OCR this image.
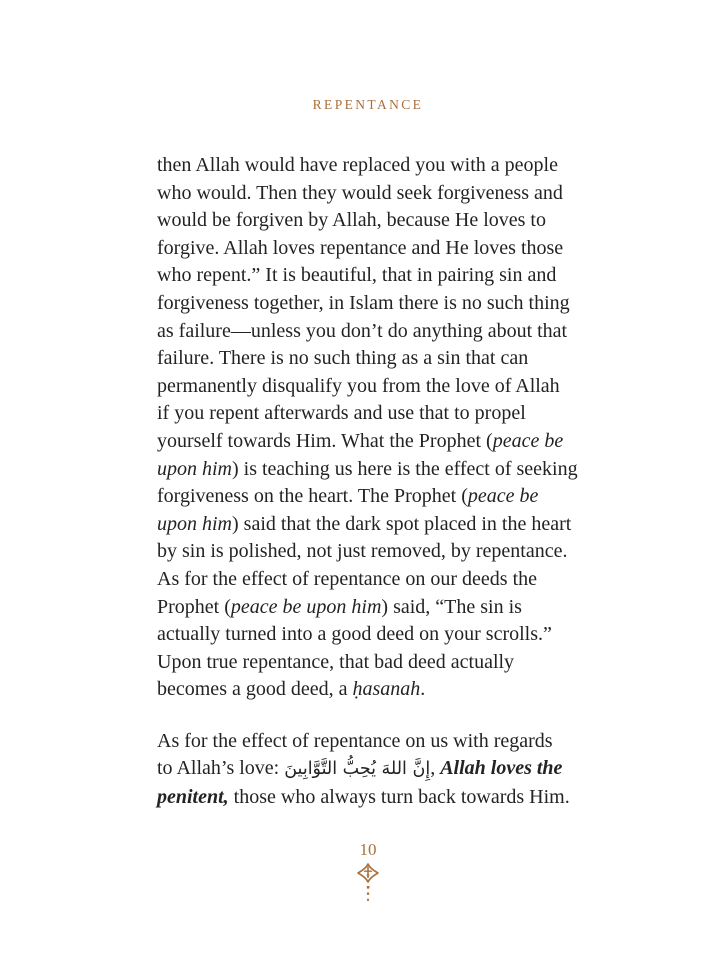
REPENTANCE
then Allah would have replaced you with a people
who would. Then they would seek forgiveness and
would be forgiven by Allah, because He loves to
forgive. Allah loves repentance and He loves those
who repent.” It is beautiful, that in pairing sin and
forgiveness together, in Islam there is no such thing
as failure—unless you don’t do anything about that
failure. There is no such thing as a sin that can
permanently disqualify you from the love of Allah
if you repent afterwards and use that to propel
yourself towards Him. What the Prophet (peace be
upon him) is teaching us here is the effect of seeking
forgiveness on the heart. The Prophet (peace be
upon him) said that the dark spot placed in the heart
by sin is polished, not just removed, by repentance.
As for the effect of repentance on our deeds the
Prophet (peace be upon him) said, “The sin is
actually turned into a good deed on your scrolls.”
Upon true repentance, that bad deed actually
becomes a good deed, a ḥasanah.
As for the effect of repentance on us with regards
to Allah’s love: إِنَّ اللهَ يُحِبُّ التَّوَّابِينَ, Allah loves the
penitent, those who always turn back towards Him.
10
